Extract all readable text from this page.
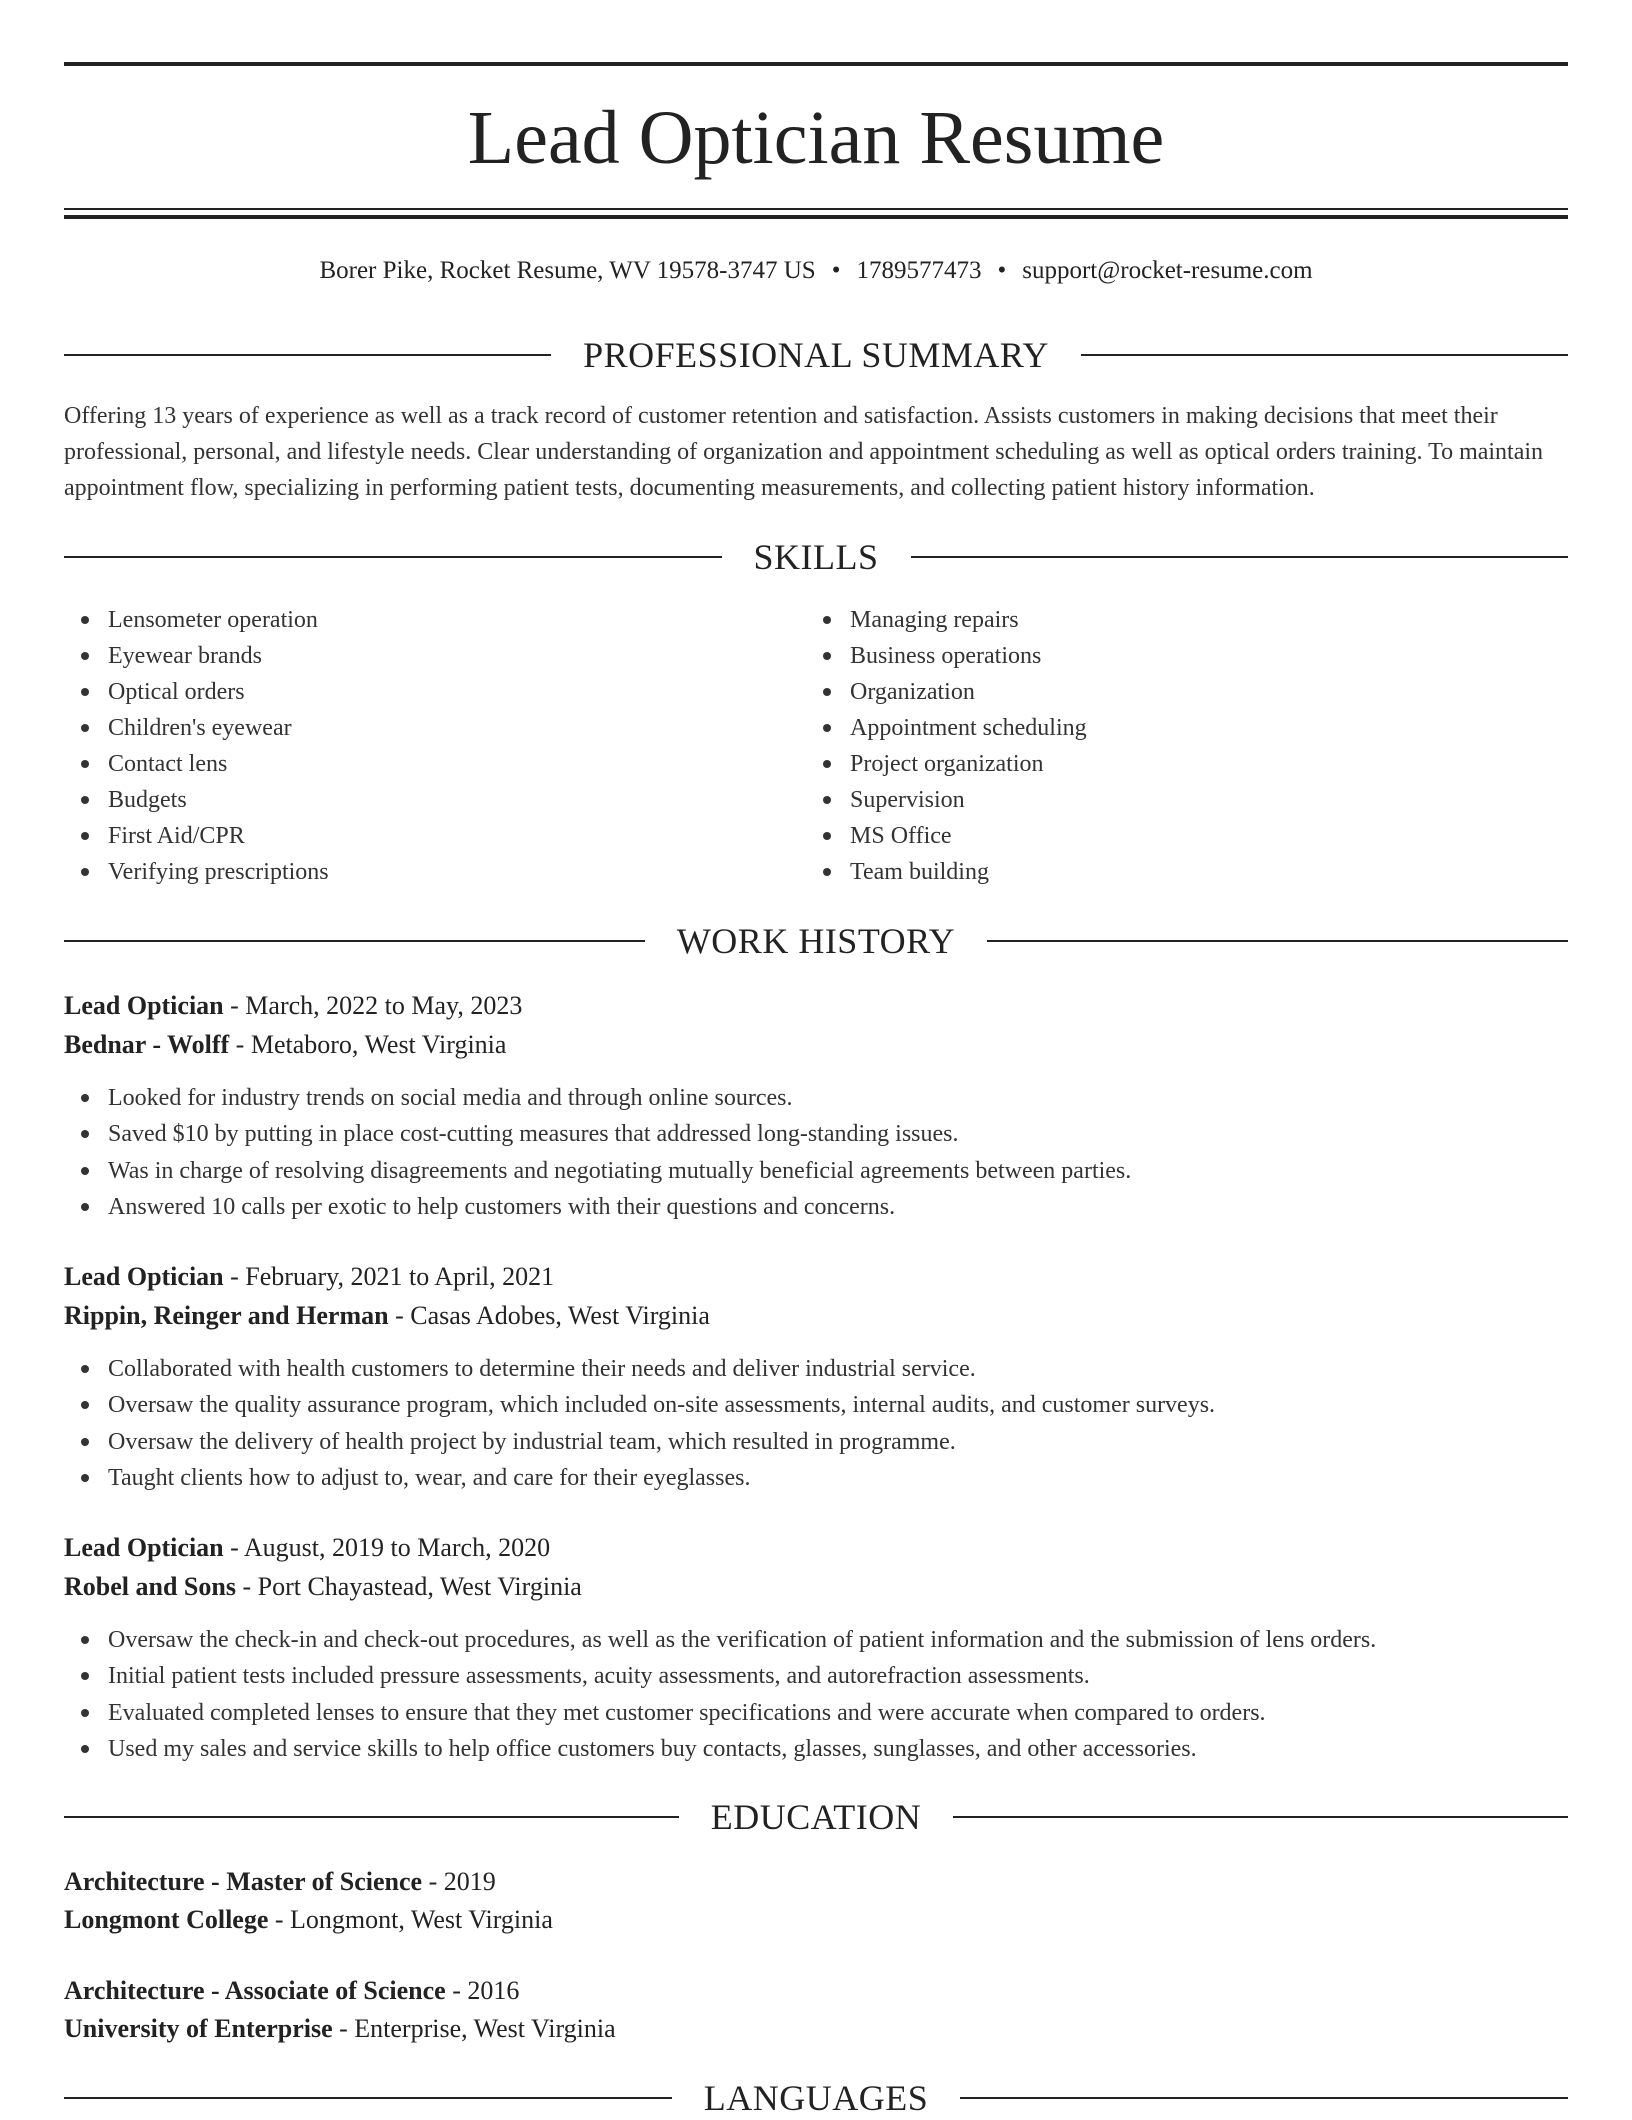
Lead Optician Resume
Borer Pike, Rocket Resume, WV 19578-3747 US • 1789577473 • support@rocket-resume.com
PROFESSIONAL SUMMARY
Offering 13 years of experience as well as a track record of customer retention and satisfaction. Assists customers in making decisions that meet their professional, personal, and lifestyle needs. Clear understanding of organization and appointment scheduling as well as optical orders training. To maintain appointment flow, specializing in performing patient tests, documenting measurements, and collecting patient history information.
SKILLS
Lensometer operation
Eyewear brands
Optical orders
Children's eyewear
Contact lens
Budgets
First Aid/CPR
Verifying prescriptions
Managing repairs
Business operations
Organization
Appointment scheduling
Project organization
Supervision
MS Office
Team building
WORK HISTORY
Lead Optician - March, 2022 to May, 2023
Bednar - Wolff - Metaboro, West Virginia
Looked for industry trends on social media and through online sources.
Saved $10 by putting in place cost-cutting measures that addressed long-standing issues.
Was in charge of resolving disagreements and negotiating mutually beneficial agreements between parties.
Answered 10 calls per exotic to help customers with their questions and concerns.
Lead Optician - February, 2021 to April, 2021
Rippin, Reinger and Herman - Casas Adobes, West Virginia
Collaborated with health customers to determine their needs and deliver industrial service.
Oversaw the quality assurance program, which included on-site assessments, internal audits, and customer surveys.
Oversaw the delivery of health project by industrial team, which resulted in programme.
Taught clients how to adjust to, wear, and care for their eyeglasses.
Lead Optician - August, 2019 to March, 2020
Robel and Sons - Port Chayastead, West Virginia
Oversaw the check-in and check-out procedures, as well as the verification of patient information and the submission of lens orders.
Initial patient tests included pressure assessments, acuity assessments, and autorefraction assessments.
Evaluated completed lenses to ensure that they met customer specifications and were accurate when compared to orders.
Used my sales and service skills to help office customers buy contacts, glasses, sunglasses, and other accessories.
EDUCATION
Architecture - Master of Science - 2019
Longmont College - Longmont, West Virginia
Architecture - Associate of Science - 2016
University of Enterprise - Enterprise, West Virginia
LANGUAGES
